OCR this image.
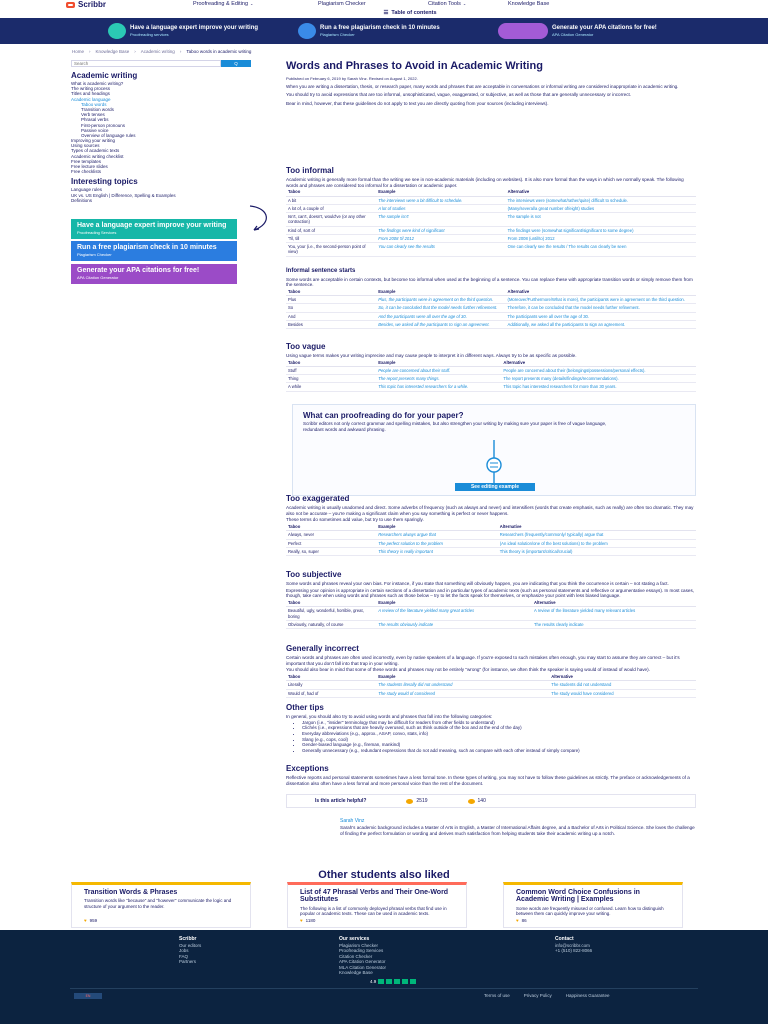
Scribbr	Proofreading & Editing ⌄	Plagiarism Checker	Citation Tools ⌄	Knowledge Base
☰ Table of contents
Have a language expert improve your writing
Proofreading services
Run a free plagiarism check in 10 minutes
Plagiarism Checker
Generate your APA citations for free!
APA Citation Generator
Home › Knowledge Base › Academic writing › Taboo words in academic writing
Search
Q
Academic writing
What is academic writing?
The writing process
Titles and headings
Academic language
Taboo words
Transition words
Verb tenses
Phrasal verbs
First-person pronouns
Passive voice
Overview of language rules
Improving your writing
Using sources
Types of academic texts
Academic writing checklist
Free templates
Free lecture slides
Free checklists
Interesting topics
Language rules
UK vs. US English | Difference, Spelling & Examples
Definitions
Have a language expert improve your writing
Proofreading Services
Run a free plagiarism check in 10 minutes
Plagiarism Checker
Generate your APA citations for free!
APA Citation Generator
Words and Phrases to Avoid in Academic Writing
Published on February 6, 2019 by Sarah Vinz. Revised on August 1, 2022.
When you are writing a dissertation, thesis, or research paper, many words and phrases that are acceptable in conversations or informal writing are considered inappropriate in academic writing.
You should try to avoid expressions that are too informal, unsophisticated, vague, exaggerated, or subjective, as well as those that are generally unnecessary or incorrect.
Bear in mind, however, that these guidelines do not apply to text you are directly quoting from your sources (including interviews).
Too informal
Academic writing is generally more formal than the writing we see in non-academic materials (including on websites). It is also more formal than the ways in which we normally speak. The following words and phrases are considered too informal for a dissertation or academic paper.
Taboo	Example	Alternative
A bit	The interviews were a bit difficult to schedule.	The interviews were (somewhat/rather/quite) difficult to schedule.
A lot of, a couple of	A lot of studies	(Many/several/a great number of/eight) studies
Isn't, can't, doesn't, would've (or any other contraction)	The sample isn't	The sample is not
Kind of, sort of	The findings were kind of significant	The findings were (somewhat significant/significant to some degree)
'Til, till	From 2008 'til 2012	From 2008 (until/to) 2012
You, your (i.e., the second-person point of view)	You can clearly see the results	One can clearly see the results / The results can clearly be seen
Informal sentence starts
Some words are acceptable in certain contexts, but become too informal when used at the beginning of a sentence. You can replace these with appropriate transition words or simply remove them from the sentence.
Taboo	Example	Alternative
Plus	Plus, the participants were in agreement on the third question.	(Moreover/Furthermore/What is more), the participants were in agreement on the third question.
So	So, it can be concluded that the model needs further refinement.	Therefore, it can be concluded that the model needs further refinement.
And	And the participants were all over the age of 30.	The participants were all over the age of 30.
Besides	Besides, we asked all the participants to sign an agreement.	Additionally, we asked all the participants to sign an agreement.
Too vague
Using vague terms makes your writing imprecise and may cause people to interpret it in different ways. Always try to be as specific as possible.
Taboo	Example	Alternative
Stuff	People are concerned about their stuff.	People are concerned about their (belongings/possessions/personal effects).
Thing	The report presents many things.	The report presents many (details/findings/recommendations).
A while	This topic has interested researchers for a while.	This topic has interested researchers for more than 30 years.
What can proofreading do for your paper?
Scribbr editors not only correct grammar and spelling mistakes, but also strengthen your writing by making sure your paper is free of vague language, redundant words and awkward phrasing.
See editing example
Too exaggerated
Academic writing is usually unadorned and direct. Some adverbs of frequency (such as always and never) and intensifiers (words that create emphasis, such as really) are often too dramatic. They may also not be accurate – you're making a significant claim when you say something is perfect or never happens.
These terms do sometimes add value, but try to use them sparingly.
Taboo	Example	Alternative
Always, never	Researchers always argue that	Researchers (frequently/commonly/ typically) argue that
Perfect	The perfect solution to the problem	(An ideal solution/one of the best solutions) to the problem
Really, so, super	This theory is really important	This theory is (important/critical/crucial)
Too subjective
Some words and phrases reveal your own bias. For instance, if you state that something will obviously happen, you are indicating that you think the occurrence is certain – not stating a fact.
Expressing your opinion is appropriate in certain sections of a dissertation and in particular types of academic texts (such as personal statements and reflective or argumentative essays). In most cases, though, take care when using words and phrases such as those below – try to let the facts speak for themselves, or emphasize your point with less biased language.
Taboo	Example	Alternative
Beautiful, ugly, wonderful, horrible, great, boring	A review of the literature yielded many great articles	A review of the literature yielded many relevant articles
Obviously, naturally, of course	The results obviously indicate	The results clearly indicate
Generally incorrect
Certain words and phrases are often used incorrectly, even by native speakers of a language. If you're exposed to such mistakes often enough, you may start to assume they are correct – but it's important that you don't fall into that trap in your writing.
You should also bear in mind that some of these words and phrases may not be entirely "wrong" (for instance, we often think the speaker is saying would of instead of would have).
Taboo	Example	Alternative
Literally	The students literally did not understand	The students did not understand
Would of, had of	The study would of considered	The study would have considered
Other tips
In general, you should also try to avoid using words and phrases that fall into the following categories:
• Jargon (i.e., "insider" terminology that may be difficult for readers from other fields to understand)
• Clichés (i.e., expressions that are heavily overused, such as think outside of the box and at the end of the day)
• Everyday abbreviations (e.g., approx., ASAP, convo, stats, info)
• Slang (e.g., cops, cool)
• Gender-biased language (e.g., fireman, mankind)
• Generally unnecessary (e.g., redundant expressions that do not add meaning, such as compare with each other instead of simply compare)
Exceptions
Reflective reports and personal statements sometimes have a less formal tone. In these types of writing, you may not have to follow these guidelines as strictly. The preface or acknowledgements of a dissertation also often have a less formal and more personal voice than the rest of the document.
Is this article helpful?	2519	140
Sarah Vinz
Sarah's academic background includes a Master of Arts in English, a Master of International Affairs degree, and a Bachelor of Arts in Political Science. She loves the challenge of finding the perfect formulation or wording and derives much satisfaction from helping students take their academic writing up a notch.
Other students also liked
Transition Words & Phrases
Transition words like "because" and "however" communicate the logic and structure of your argument to the reader.
♥ 959
List of 47 Phrasal Verbs and Their One-Word Substitutes
The following is a list of commonly deployed phrasal verbs that find use in popular or academic texts. These can be used in academic texts.
♥ 1180
Common Word Choice Confusions in Academic Writing | Examples
Some words are frequently misused or confused. Learn how to distinguish between them can quickly improve your writing.
♥ 86
Scribbr
Our editors
Jobs
FAQ
Partners
Our services
Plagiarism Checker
Proofreading Services
Citation Checker
APA Citation Generator
MLA Citation Generator
Knowledge Base
Contact
info@scribbr.com
+1 (510) 822-8066
4.9
EN	Terms of use	Privacy Policy	Happiness Guarantee
